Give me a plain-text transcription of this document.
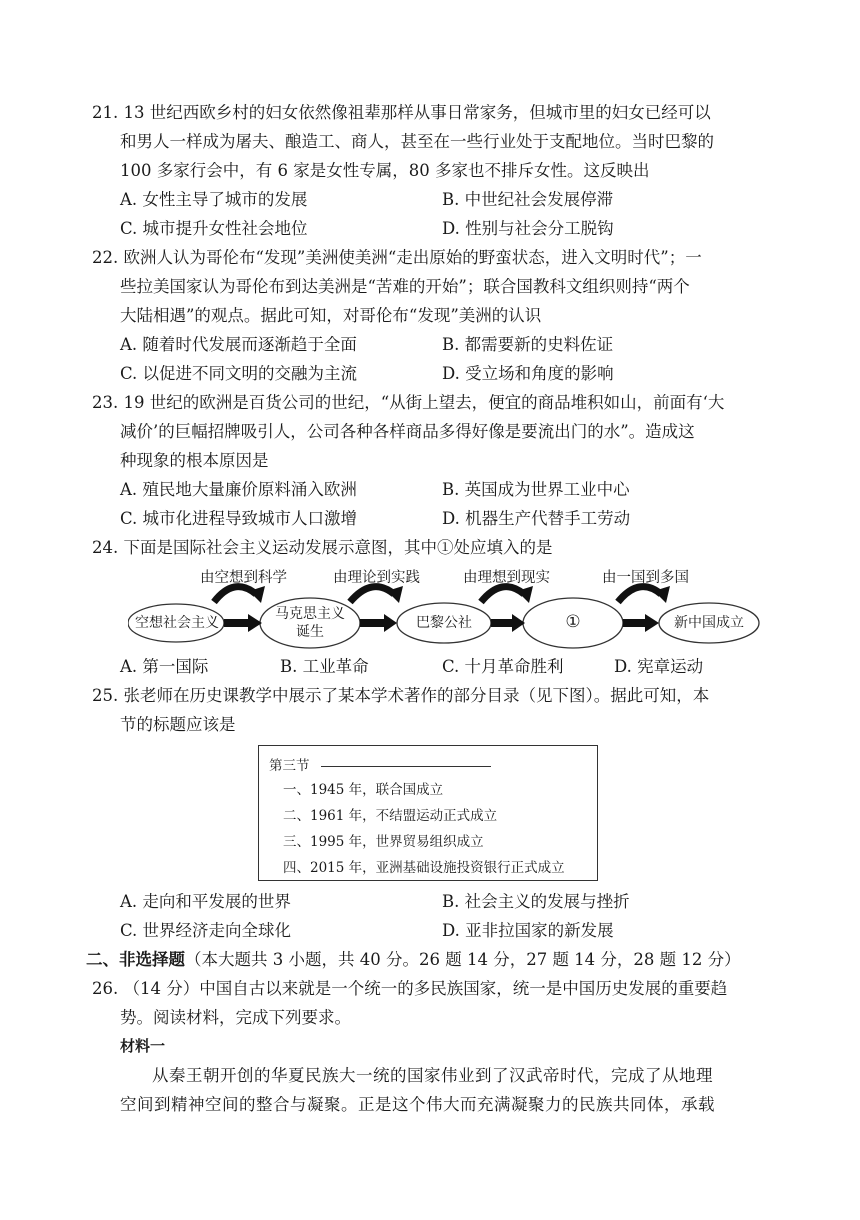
21. 13 世纪西欧乡村的妇女依然像祖辈那样从事日常家务，但城市里的妇女已经可以
和男人一样成为屠夫、酿造工、商人，甚至在一些行业处于支配地位。当时巴黎的
100 多家行会中，有 6 家是女性专属，80 多家也不排斥女性。这反映出
A. 女性主导了城市的发展	B. 中世纪社会发展停滞
C. 城市提升女性社会地位	D. 性别与社会分工脱钩
22. 欧洲人认为哥伦布“发现”美洲使美洲“走出原始的野蛮状态，进入文明时代”；一
些拉美国家认为哥伦布到达美洲是“苦难的开始”；联合国教科文组织则持“两个
大陆相遇”的观点。据此可知，对哥伦布“发现”美洲的认识
A. 随着时代发展而逐渐趋于全面	B. 都需要新的史料佐证
C. 以促进不同文明的交融为主流	D. 受立场和角度的影响
23. 19 世纪的欧洲是百货公司的世纪，“从街上望去，便宜的商品堆积如山，前面有‘大
减价’的巨幅招牌吸引人，公司各种各样商品多得好像是要流出门的水”。造成这
种现象的根本原因是
A. 殖民地大量廉价原料涌入欧洲	B. 英国成为世界工业中心
C. 城市化进程导致城市人口激增	D. 机器生产代替手工劳动
24. 下面是国际社会主义运动发展示意图，其中①处应填入的是
由空想到科学	由理论到实践	由理想到现实	由一国到多国
空想社会主义
马克思主义
诞生
巴黎公社	①	新中国成立
A. 第一国际	B. 工业革命	C. 十月革命胜利	D. 宪章运动
25. 张老师在历史课教学中展示了某本学术著作的部分目录（见下图）。据此可知，本
节的标题应该是
第三节
一、1945 年，联合国成立
二、1961 年，不结盟运动正式成立
三、1995 年，世界贸易组织成立
四、2015 年，亚洲基础设施投资银行正式成立
A. 走向和平发展的世界	B. 社会主义的发展与挫折
C. 世界经济走向全球化	D. 亚非拉国家的新发展
二、非选择题（本大题共 3 小题，共 40 分。26 题 14 分，27 题 14 分，28 题 12 分）
26. （14 分）中国自古以来就是一个统一的多民族国家，统一是中国历史发展的重要趋
势。阅读材料，完成下列要求。
材料一
从秦王朝开创的华夏民族大一统的国家伟业到了汉武帝时代，完成了从地理
空间到精神空间的整合与凝聚。正是这个伟大而充满凝聚力的民族共同体，承载
